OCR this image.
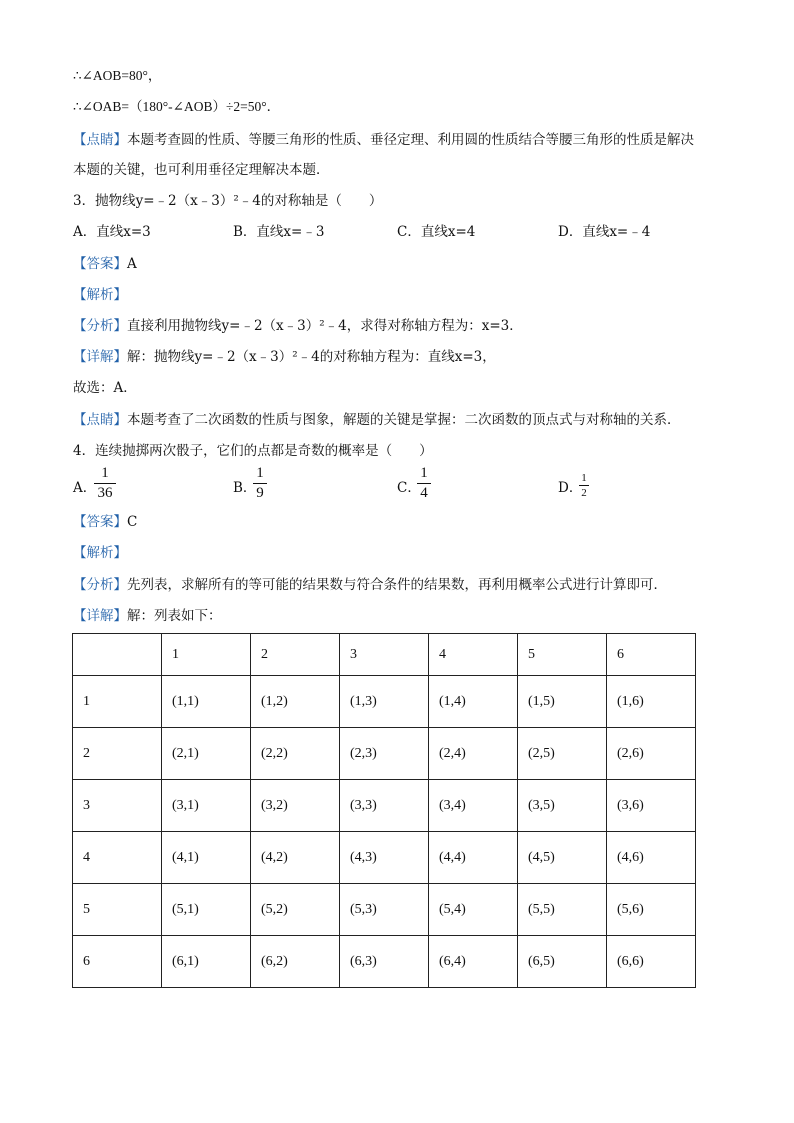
∴∠AOB=80°，
∴∠OAB=（180°-∠AOB）÷2=50°．
【点睛】本题考查圆的性质、等腰三角形的性质、垂径定理、利用圆的性质结合等腰三角形的性质是解决
本题的关键，也可利用垂径定理解决本题．
3．抛物线y=﹣2（x﹣3）²﹣4的对称轴是（　　）
A．直线x=3	B．直线x=﹣3	C．直线x=4	D．直线x=﹣4
【答案】A
【解析】
【分析】直接利用抛物线y=﹣2（x﹣3）²﹣4，求得对称轴方程为：x=3．
【详解】解：抛物线y=﹣2（x﹣3）²﹣4的对称轴方程为：直线x=3，
故选：A．
【点睛】本题考查了二次函数的性质与图象，解题的关键是掌握：二次函数的顶点式与对称轴的关系．
4．连续抛掷两次骰子，它们的点都是奇数的概率是（　　）
A．
1
36	B．
1
9	C．
1
4	D．
1
2
【答案】C
【解析】
【分析】先列表，求解所有的等可能的结果数与符合条件的结果数，再利用概率公式进行计算即可．
【详解】解：列表如下：
	1	2	3	4	5	6
1	(1,1)	(1,2)	(1,3)	(1,4)	(1,5)	(1,6)
2	(2,1)	(2,2)	(2,3)	(2,4)	(2,5)	(2,6)
3	(3,1)	(3,2)	(3,3)	(3,4)	(3,5)	(3,6)
4	(4,1)	(4,2)	(4,3)	(4,4)	(4,5)	(4,6)
5	(5,1)	(5,2)	(5,3)	(5,4)	(5,5)	(5,6)
6	(6,1)	(6,2)	(6,3)	(6,4)	(6,5)	(6,6)
